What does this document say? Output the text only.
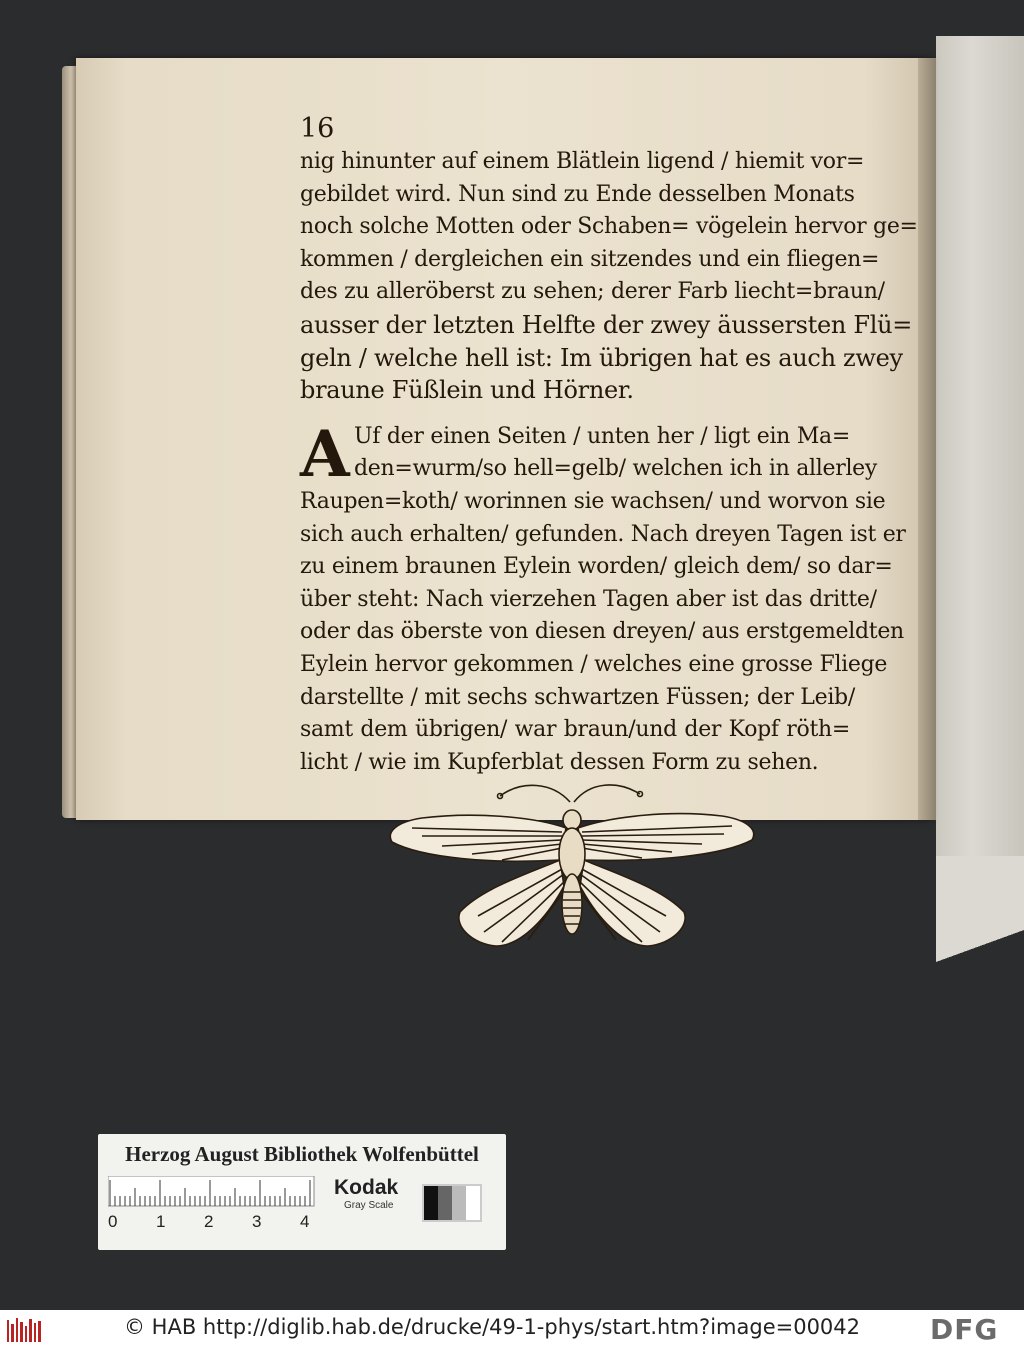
16
nig hinunter auf einem Blätlein ligend / hiemit vor=
gebildet wird. Nun sind zu Ende desselben Monats
noch solche Motten oder Schaben= vögelein hervor ge=
kommen / dergleichen ein sitzendes und ein fliegen=
des zu alleröberst zu sehen; derer Farb liecht=braun/
ausser der letzten Helfte der zwey äussersten Flü=
geln / welche hell ist: Im übrigen hat es auch zwey
braune Füßlein und Hörner.
A Uf der einen Seiten / unten her / ligt ein Ma=
den=wurm/so hell=gelb/ welchen ich in allerley
Raupen=koth/ worinnen sie wachsen/ und worvon sie
sich auch erhalten/ gefunden. Nach dreyen Tagen ist er
zu einem braunen Eylein worden/ gleich dem/ so dar=
über steht: Nach vierzehen Tagen aber ist das dritte/
oder das öberste von diesen dreyen/ aus erstgemeldten
Eylein hervor gekommen / welches eine grosse Fliege
darstellte / mit sechs schwartzen Füssen; der Leib/
samt dem übrigen/ war braun/und der Kopf röth=
licht / wie im Kupferblat dessen Form zu sehen.
Herzog August Bibliothek Wolfenbüttel
0 1 2 3 4
Kodak
Gray Scale
© HAB http://diglib.hab.de/drucke/49-1-phys/start.htm?image=00042 DFG
